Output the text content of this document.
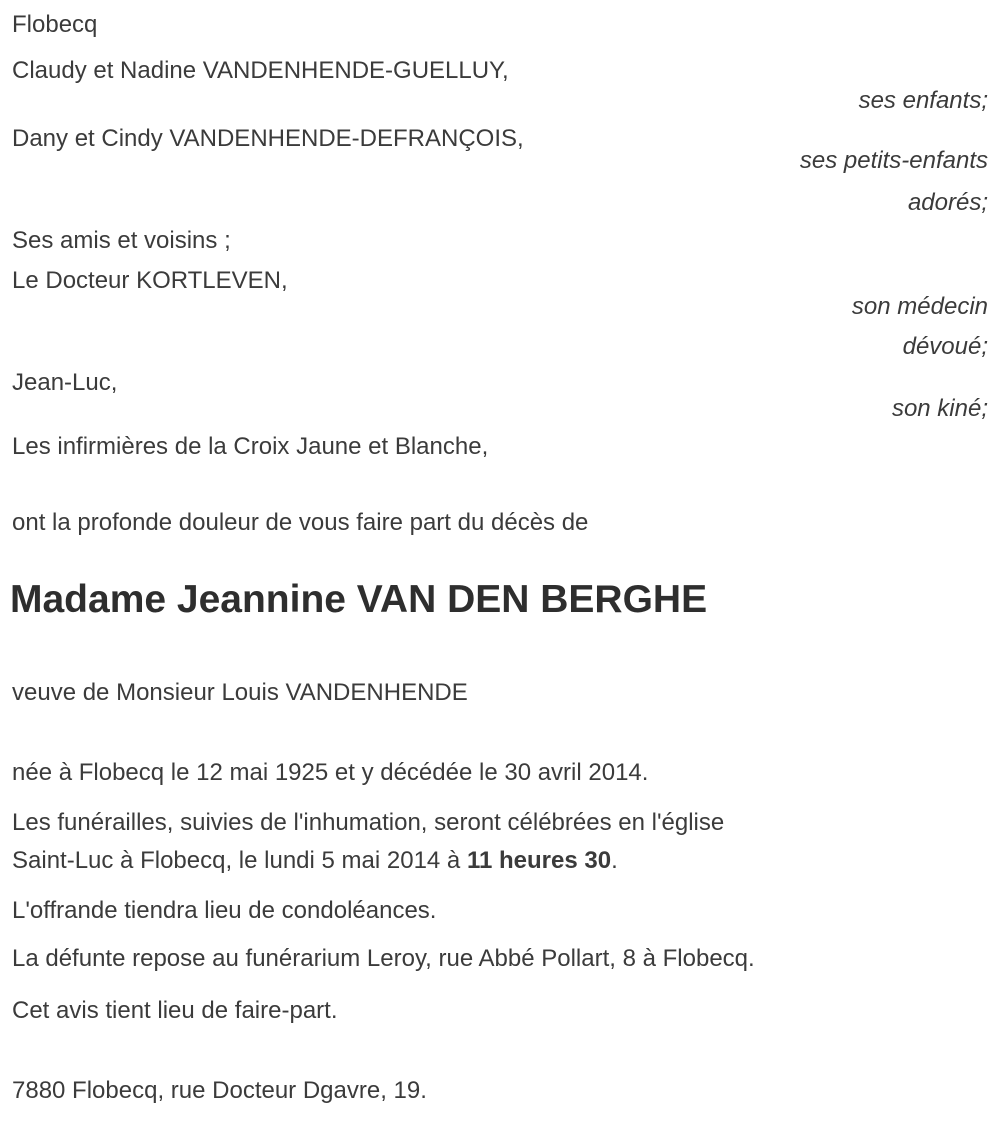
Flobecq
Claudy et Nadine VANDENHENDE-GUELLUY,
ses enfants;
Dany et Cindy VANDENHENDE-DEFRANÇOIS,
ses petits-enfants
adorés;
Ses amis et voisins ;
Le Docteur KORTLEVEN,
son médecin
dévoué;
Jean-Luc,
son kiné;
Les infirmières de la Croix Jaune et Blanche,
ont la profonde douleur de vous faire part du décès de
Madame Jeannine VAN DEN BERGHE
veuve de Monsieur Louis VANDENHENDE
née à Flobecq le 12 mai 1925 et y décédée le 30 avril 2014.
Les funérailles, suivies de l'inhumation, seront célébrées en l'église
Saint-Luc à Flobecq, le lundi 5 mai 2014 à 11 heures 30.
L'offrande tiendra lieu de condoléances.
La défunte repose au funérarium Leroy, rue Abbé Pollart, 8 à Flobecq.
Cet avis tient lieu de faire-part.
7880 Flobecq, rue Docteur Dgavre, 19.
